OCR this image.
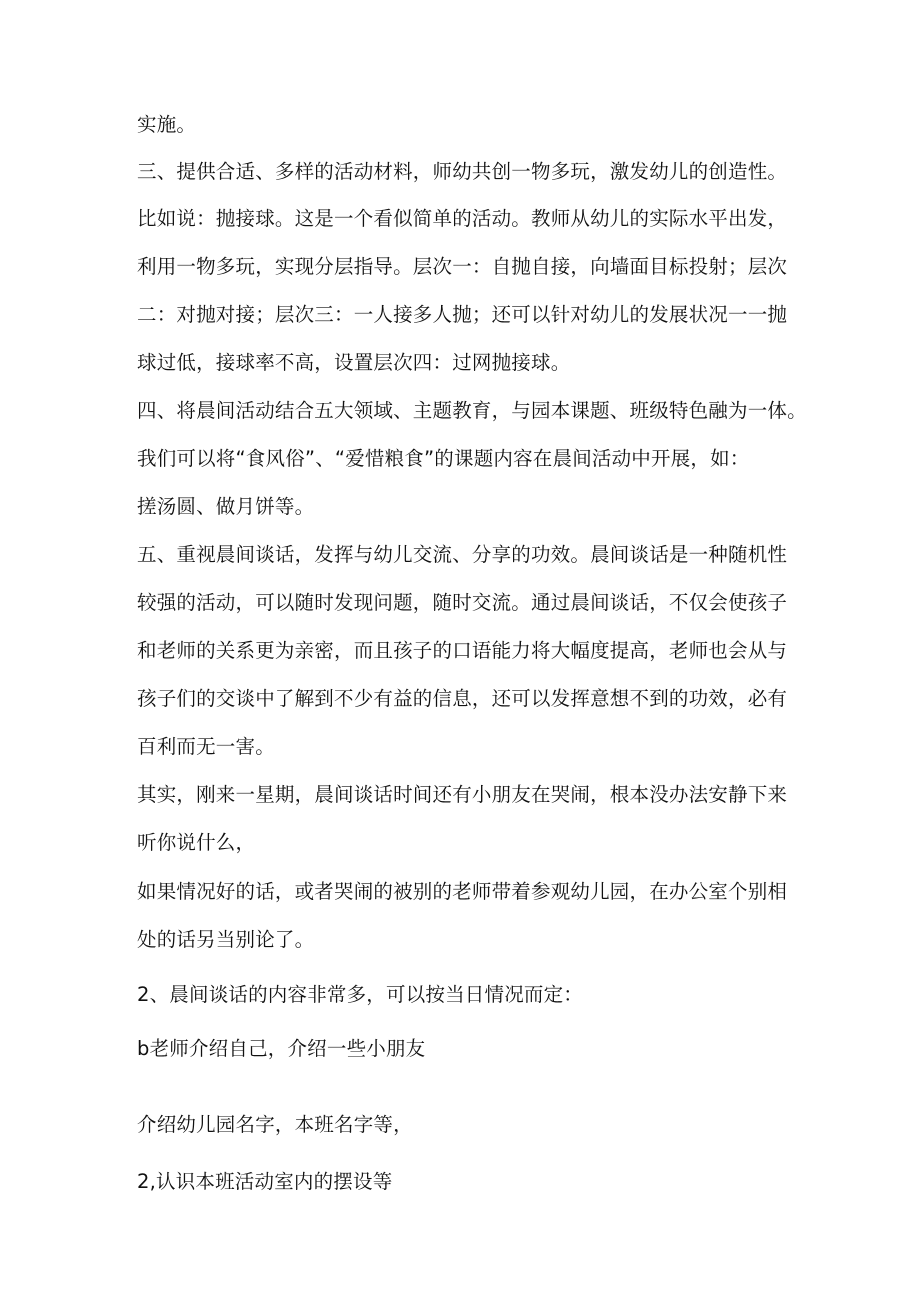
实施。
三、提供合适、多样的活动材料，师幼共创一物多玩，激发幼儿的创造性。
比如说：抛接球。这是一个看似简单的活动。教师从幼儿的实际水平出发，
利用一物多玩，实现分层指导。层次一：自抛自接，向墙面目标投射；层次
二：对抛对接；层次三：一人接多人抛；还可以针对幼儿的发展状况一一抛
球过低，接球率不高，设置层次四：过网抛接球。
四、将晨间活动结合五大领域、主题教育，与园本课题、班级特色融为一体。
我们可以将“食风俗”、“爱惜粮食”的课题内容在晨间活动中开展，如：
搓汤圆、做月饼等。
五、重视晨间谈话，发挥与幼儿交流、分享的功效。晨间谈话是一种随机性
较强的活动，可以随时发现问题，随时交流。通过晨间谈话，不仅会使孩子
和老师的关系更为亲密，而且孩子的口语能力将大幅度提高，老师也会从与
孩子们的交谈中了解到不少有益的信息，还可以发挥意想不到的功效，必有
百利而无一害。
其实，刚来一星期，晨间谈话时间还有小朋友在哭闹，根本没办法安静下来
听你说什么，
如果情况好的话，或者哭闹的被别的老师带着参观幼儿园，在办公室个别相
处的话另当别论了。
2、晨间谈话的内容非常多，可以按当日情况而定：
b老师介绍自己，介绍一些小朋友
介绍幼儿园名字，本班名字等，
2,认识本班活动室内的摆设等
